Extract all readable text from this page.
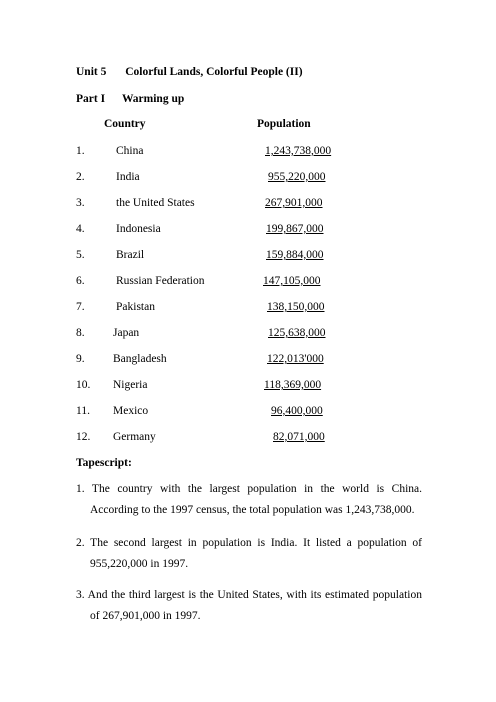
Unit 5 Colorful Lands, Colorful People (II)
Part I Warming up
Country	Population
1.	China	1,243,738,000
2.	India	955,220,000
3.	the United States	267,901,000
4.	Indonesia	199,867,000
5.	Brazil	159,884,000
6.	Russian Federation	147,105,000
7.	Pakistan	138,150,000
8. Japan	125,638,000
9. Bangladesh	122,013'000
10. Nigeria	118,369,000
11. Mexico	96,400,000
12. Germany	82,071,000
Tapescript:
1. The country with the largest population in the world is China.
According to the 1997 census, the total population was 1,243,738,000.
2. The second largest in population is India. It listed a population of
955,220,000 in 1997.
3. And the third largest is the United States, with its estimated population
of 267,901,000 in 1997.
